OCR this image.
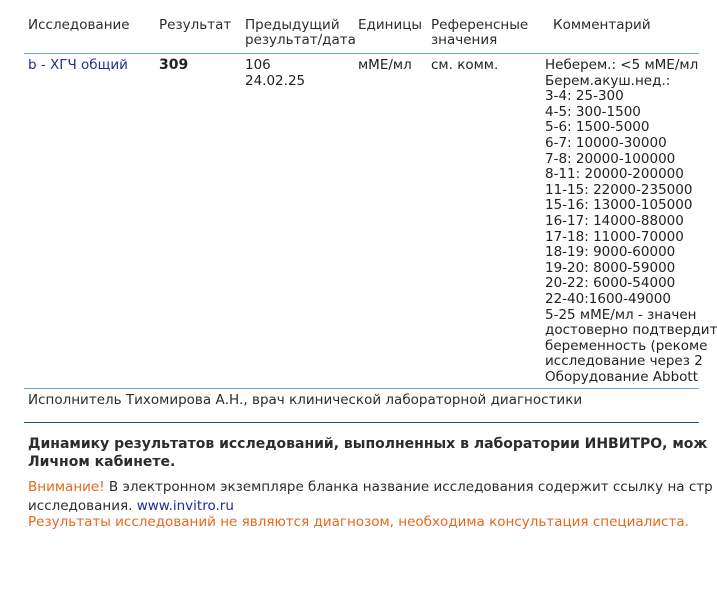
Исследование Результат Предыдущий
результат/дата
Единицы Референсные
значения
Комментарий
b - ХГЧ общий 309	106
24.02.25
мМЕ/мл см. комм.	Неберем.: <5 мМЕ/мл
Берем.акуш.нед.:
3-4: 25-300
4-5: 300-1500
5-6: 1500-5000
6-7: 10000-30000
7-8: 20000-100000
8-11: 20000-200000
11-15: 22000-235000
15-16: 13000-105000
16-17: 14000-88000
17-18: 11000-70000
18-19: 9000-60000
19-20: 8000-59000
20-22: 6000-54000
22-40:1600-49000
5-25 мМЕ/мл - значен
достоверно подтвердит
беременность (рекоме
исследование через 2
Оборудование Abbott
Исполнитель Тихомирова А.Н., врач клинической лабораторной диагностики
Динамику результатов исследований, выполненных в лаборатории ИНВИТРО, мож
Личном кабинете.
Внимание! В электронном экземпляре бланка название исследования содержит ссылку на стр
исследования. www.invitro.ru
Результаты исследований не являются диагнозом, необходима консультация специалиста.
